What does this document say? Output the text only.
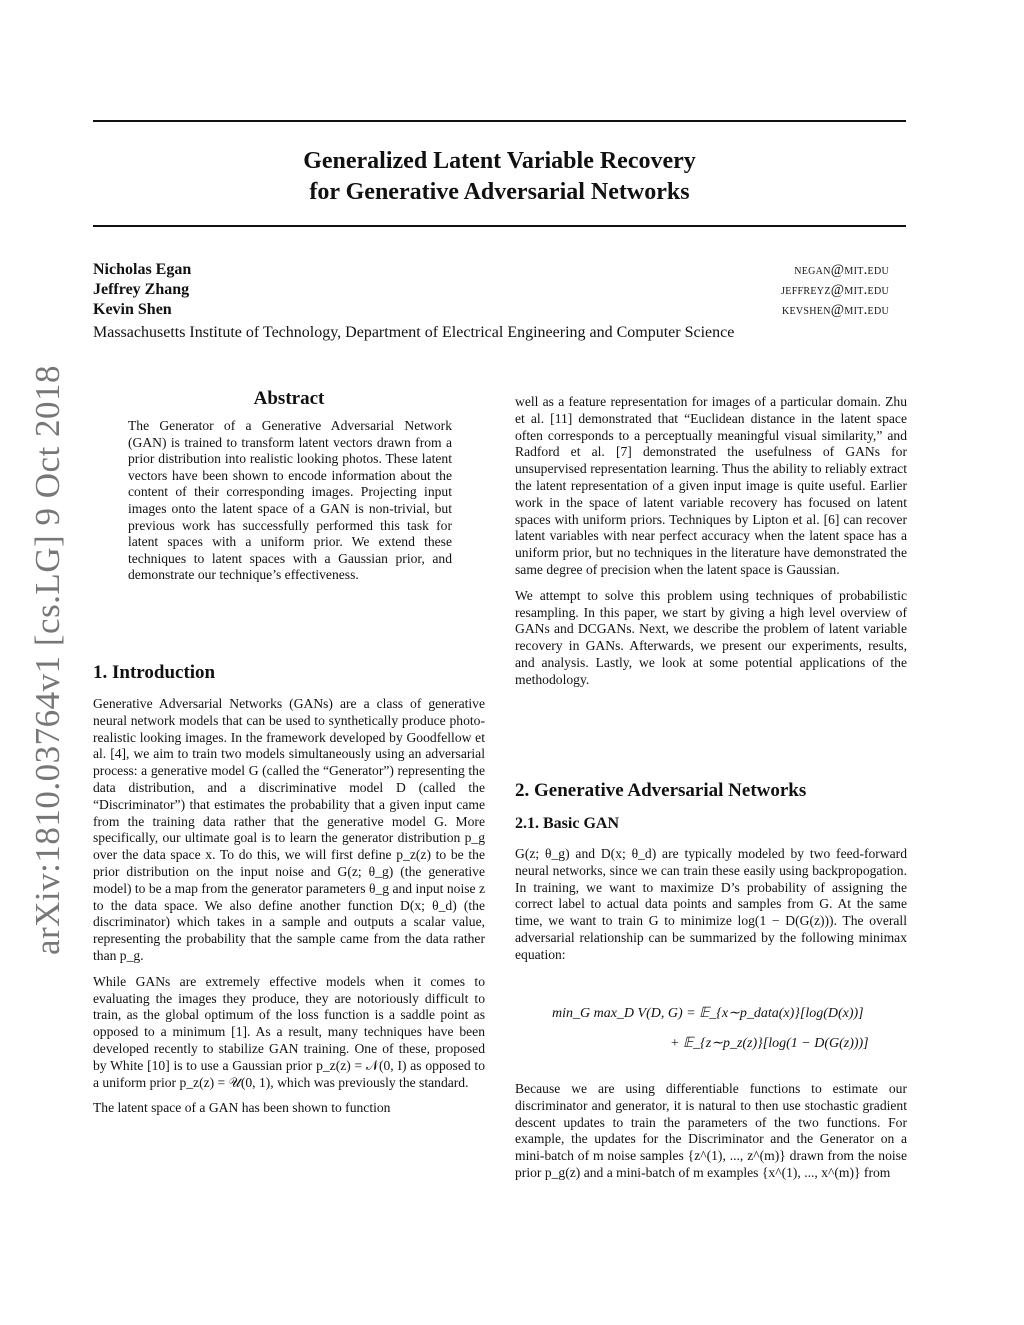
arXiv:1810.03764v1 [cs.LG] 9 Oct 2018
Generalized Latent Variable Recovery
for Generative Adversarial Networks
Nicholas Egan	negan@mit.edu
Jeffrey Zhang	jeffreyz@mit.edu
Kevin Shen	kevshen@mit.edu
Massachusetts Institute of Technology, Department of Electrical Engineering and Computer Science
Abstract
The Generator of a Generative Adversarial Network (GAN) is trained to transform latent vectors drawn from a prior distribution into realistic looking photos. These latent vectors have been shown to encode information about the content of their corresponding images. Projecting input images onto the latent space of a GAN is non-trivial, but previous work has successfully performed this task for latent spaces with a uniform prior. We extend these techniques to latent spaces with a Gaussian prior, and demonstrate our technique’s effectiveness.
1. Introduction

Generative Adversarial Networks (GANs) are a class of generative neural network models that can be used to synthetically produce photo-realistic looking images. In the framework developed by Goodfellow et al. [4], we aim to train two models simultaneously using an adversarial process: a generative model G (called the “Generator”) representing the data distribution, and a discriminative model D (called the “Discriminator”) that estimates the probability that a given input came from the training data rather that the generative model G. More specifically, our ultimate goal is to learn the generator distribution p_g over the data space x. To do this, we will first define p_z(z) to be the prior distribution on the input noise and G(z; θ_g) (the generative model) to be a map from the generator parameters θ_g and input noise z to the data space. We also define another function D(x; θ_d) (the discriminator) which takes in a sample and outputs a scalar value, representing the probability that the sample came from the data rather than p_g.

While GANs are extremely effective models when it comes to evaluating the images they produce, they are notoriously difficult to train, as the global optimum of the loss function is a saddle point as opposed to a minimum [1]. As a result, many techniques have been developed recently to stabilize GAN training. One of these, proposed by White [10] is to use a Gaussian prior p_z(z) = 𝒩(0, I) as opposed to a uniform prior p_z(z) = 𝒰(0, 1), which was previously the standard.

The latent space of a GAN has been shown to function

well as a feature representation for images of a particular domain. Zhu et al. [11] demonstrated that “Euclidean distance in the latent space often corresponds to a perceptually meaningful visual similarity,” and Radford et al. [7] demonstrated the usefulness of GANs for unsupervised representation learning. Thus the ability to reliably extract the latent representation of a given input image is quite useful. Earlier work in the space of latent variable recovery has focused on latent spaces with uniform priors. Techniques by Lipton et al. [6] can recover latent variables with near perfect accuracy when the latent space has a uniform prior, but no techniques in the literature have demonstrated the same degree of precision when the latent space is Gaussian.

We attempt to solve this problem using techniques of probabilistic resampling. In this paper, we start by giving a high level overview of GANs and DCGANs. Next, we describe the problem of latent variable recovery in GANs. Afterwards, we present our experiments, results, and analysis. Lastly, we look at some potential applications of the methodology.

2. Generative Adversarial Networks
2.1. Basic GAN

G(z; θ_g) and D(x; θ_d) are typically modeled by two feed-forward neural networks, since we can train these easily using backpropogation. In training, we want to maximize D’s probability of assigning the correct label to actual data points and samples from G. At the same time, we want to train G to minimize log(1 − D(G(z))). The overall adversarial relationship can be summarized by the following minimax equation:

min_G max_D V(D, G) = 𝔼_{x∼p_data(x)}[log(D(x))]
+ 𝔼_{z∼p_z(z)}[log(1 − D(G(z)))]

Because we are using differentiable functions to estimate our discriminator and generator, it is natural to then use stochastic gradient descent updates to train the parameters of the two functions. For example, the updates for the Discriminator and the Generator on a mini-batch of m noise samples {z^(1), ..., z^(m)} drawn from the noise prior p_g(z) and a mini-batch of m examples {x^(1), ..., x^(m)} from
